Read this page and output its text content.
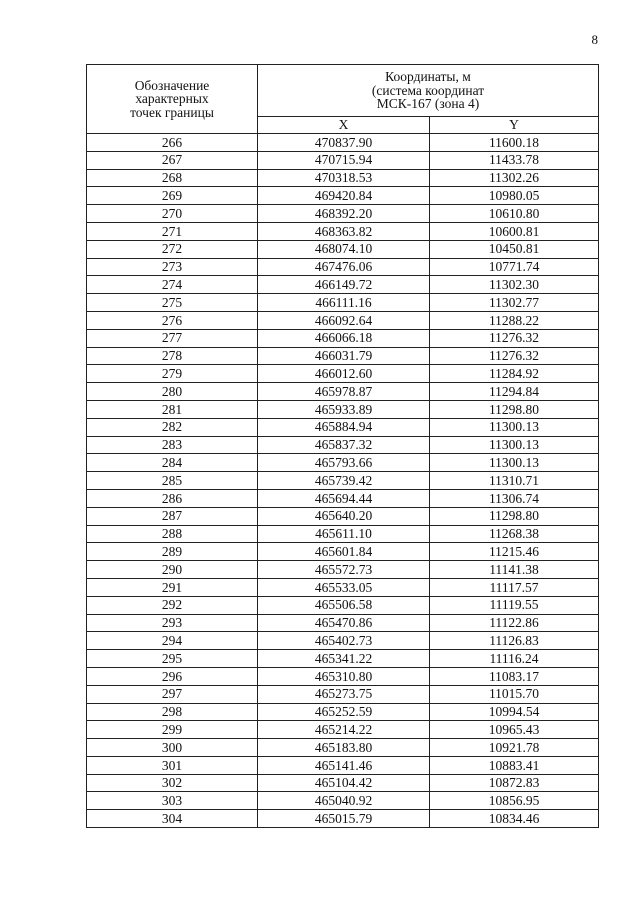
8
Обозначение
характерных
точек границы	Координаты, м
(система координат
МСК-167 (зона 4)	

	X	Y
266	470837.90	11600.18
267	470715.94	11433.78
268	470318.53	11302.26
269	469420.84	10980.05
270	468392.20	10610.80
271	468363.82	10600.81
272	468074.10	10450.81
273	467476.06	10771.74
274	466149.72	11302.30
275	466111.16	11302.77
276	466092.64	11288.22
277	466066.18	11276.32
278	466031.79	11276.32
279	466012.60	11284.92
280	465978.87	11294.84
281	465933.89	11298.80
282	465884.94	11300.13
283	465837.32	11300.13
284	465793.66	11300.13
285	465739.42	11310.71
286	465694.44	11306.74
287	465640.20	11298.80
288	465611.10	11268.38
289	465601.84	11215.46
290	465572.73	11141.38
291	465533.05	11117.57
292	465506.58	11119.55
293	465470.86	11122.86
294	465402.73	11126.83
295	465341.22	11116.24
296	465310.80	11083.17
297	465273.75	11015.70
298	465252.59	10994.54
299	465214.22	10965.43
300	465183.80	10921.78
301	465141.46	10883.41
302	465104.42	10872.83
303	465040.92	10856.95
304	465015.79	10834.46
